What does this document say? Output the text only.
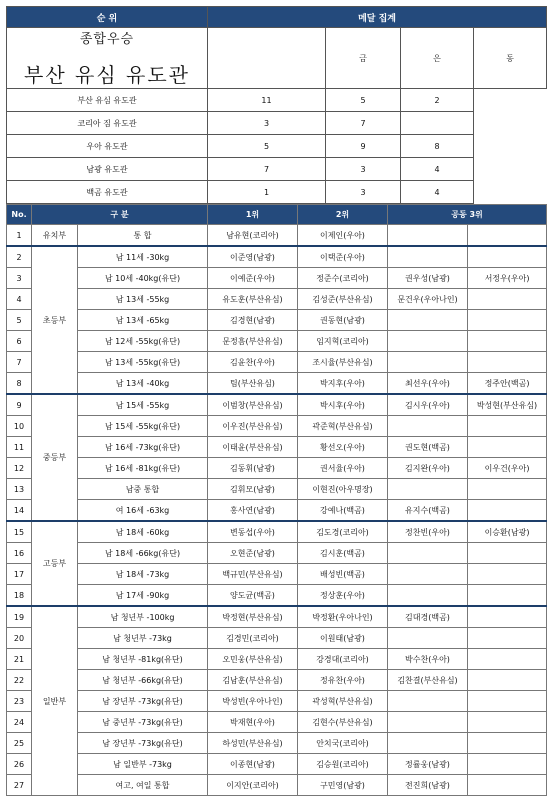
순 위	메달 집계			

종합우승
부산 유심 유도관		금	은	동
부산 유심 유도관	11	5	2	
코리아 짐 유도관	3	7		
우아 유도관	5	9	8	
남광 유도관	7	3	4	
백곰 유도관	1	3	4	
No.	구 분		1위	2위	공동 3위	
1	유치부	통 합	남유현(코리아)	이제인(우아)		
2	초등부	남 11세 -30kg	이준영(남광)	이택준(우아)		
3		남 10세 -40kg(유단)	이예준(우아)	정준수(코리아)	권우성(남광)	서정우(우아)
4		남 13세 -55kg	유도훈(부산유심)	김성준(부산유심)	문건우(우아나인)	
5		남 13세 -65kg	김경현(남광)	권동현(남광)		
6		남 12세 -55kg(유단)	문정흠(부산유심)	임지혁(코리아)		
7		남 13세 -55kg(유단)	김윤찬(우아)	조시율(부산유심)		
8		남 13세 -40kg	팀(부산유심)	박지후(우아)	최선우(우아)	정주안(백곰)
9	중등부	남 15세 -55kg	이범창(부산유심)	박시후(우아)	김시우(우아)	박성현(부산유심)
10		남 15세 -55kg(유단)	이우진(부산유심)	곽준혁(부산유심)		
11		남 16세 -73kg(유단)	이태윤(부산유심)	황선오(우아)	권도현(백곰)	
12		남 16세 -81kg(유단)	김동휘(남광)	권서율(우아)	김지완(우아)	이우건(우아)
13		남중 통합	김휘모(남광)	이현진(아우명장)		
14		여 16세 -63kg	홍사연(남광)	강예나(백곰)	유지수(백곰)	
15	고등부	남 18세 -60kg	변동섭(우아)	김도경(코리아)	정찬빈(우아)	이승환(남광)
16		남 18세 -66kg(유단)	오현준(남광)	김시훈(백곰)		
17		남 18세 -73kg	백규민(부산유심)	배성빈(백곰)		
18		남 17세 -90kg	양도균(백곰)	정상훈(우아)		
19	일반부	남 청년부 -100kg	박정현(부산유심)	박정환(우아나인)	김대경(백곰)	
20		남 청년부 -73kg	김경민(코리아)	이원태(남광)		
21		남 청년부 -81kg(유단)	오민웅(부산유심)	강경대(코리아)	박수찬(우아)	
22		남 청년부 -66kg(유단)	김남훈(부산유심)	정유찬(우아)	김찬결(부산유심)	
23		남 장년부 -73kg(유단)	박성빈(우아나인)	곽성혁(부산유심)		
24		남 중년부 -73kg(유단)	박재현(우아)	김현수(부산유심)		
25		남 장년부 -73kg(유단)	하성민(부산유심)	안치국(코리아)		
26		남 일반부 -73kg	이종현(남광)	김승원(코리아)	정률웅(남광)	
27		여고, 여일 통합	이지안(코리아)	구민영(남광)	전진희(남광)	
